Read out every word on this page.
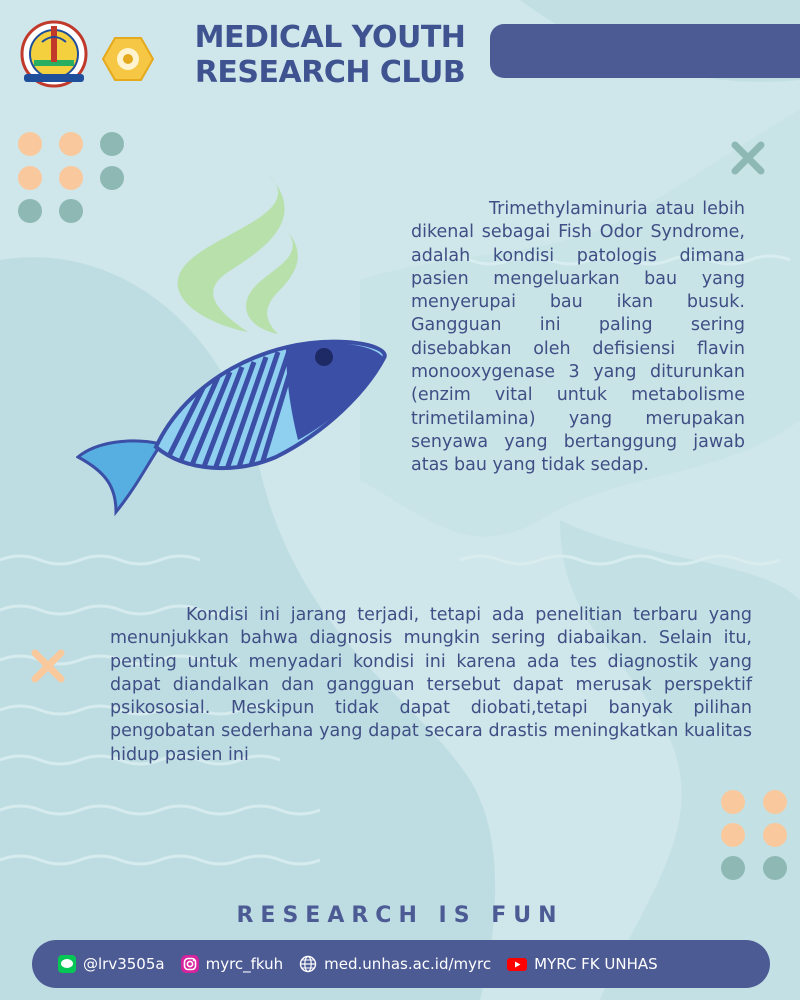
MEDICAL YOUTH
RESEARCH CLUB

Trimethylaminuria atau lebih dikenal sebagai Fish Odor Syndrome, adalah kondisi patologis dimana pasien mengeluarkan bau yang menyerupai bau ikan busuk. Gangguan ini paling sering disebabkan oleh defisiensi flavin monooxygenase 3 yang diturunkan (enzim vital untuk metabolisme trimetilamina) yang merupakan senyawa yang bertanggung jawab atas bau yang tidak sedap.

Kondisi ini jarang terjadi, tetapi ada penelitian terbaru yang menunjukkan bahwa diagnosis mungkin sering diabaikan. Selain itu, penting untuk menyadari kondisi ini karena ada tes diagnostik yang dapat diandalkan dan gangguan tersebut dapat merusak perspektif psikososial. Meskipun tidak dapat diobati,tetapi banyak pilihan pengobatan sederhana yang dapat secara drastis meningkatkan kualitas hidup pasien ini

RESEARCH IS FUN
@lrv3505a	myrc_fkuh	med.unhas.ac.id/myrc	MYRC FK UNHAS
